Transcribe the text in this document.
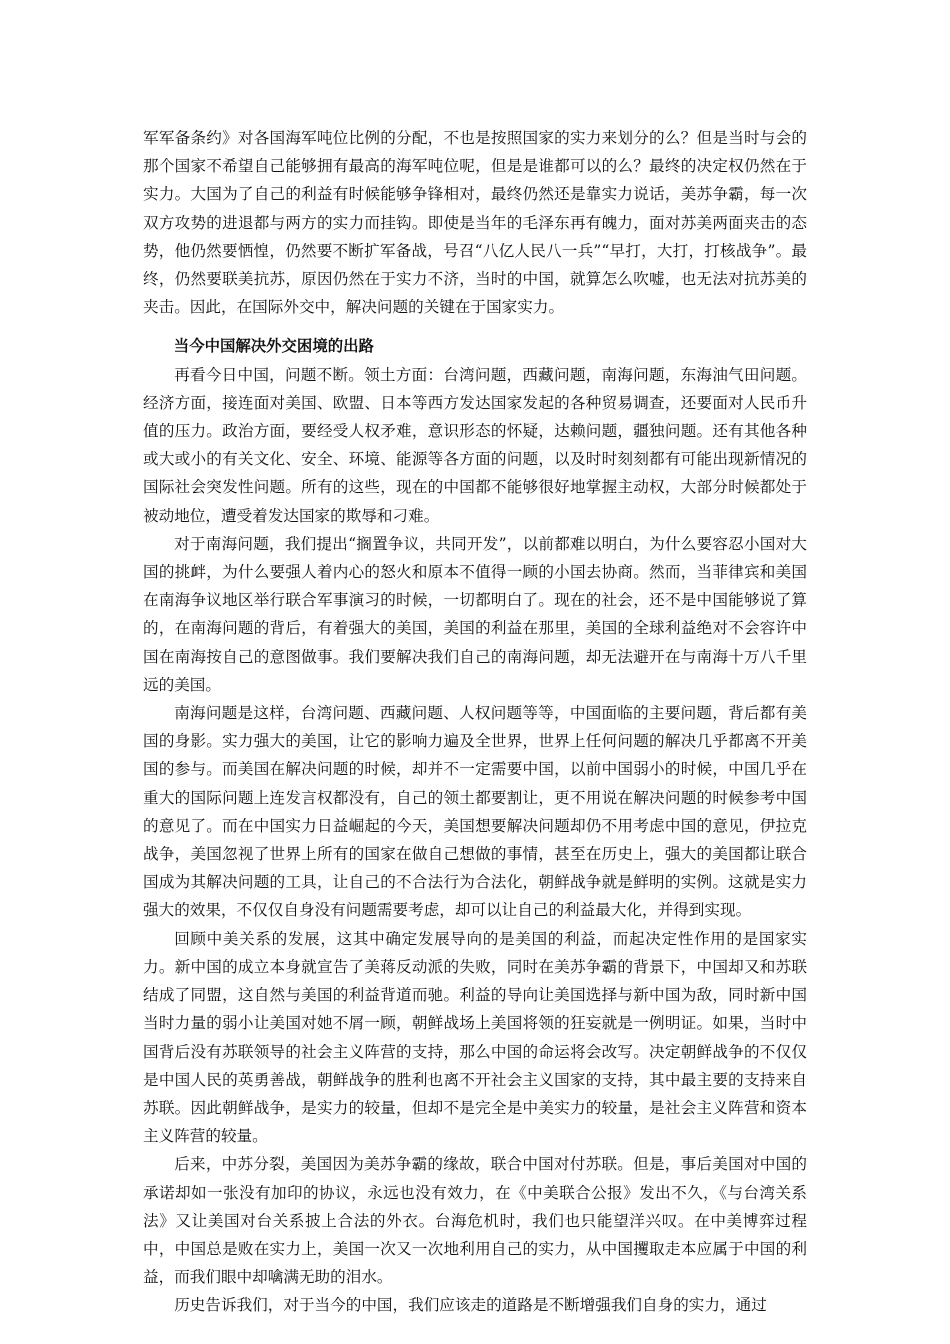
军军备条约》对各国海军吨位比例的分配，不也是按照国家的实力来划分的么？但是当时与会的那个国家不希望自己能够拥有最高的海军吨位呢，但是是谁都可以的么？最终的决定权仍然在于实力。大国为了自己的利益有时候能够争锋相对，最终仍然还是靠实力说话，美苏争霸，每一次双方攻势的进退都与两方的实力而挂钩。即使是当年的毛泽东再有魄力，面对苏美两面夹击的态势，他仍然要恓惶，仍然要不断扩军备战，号召“八亿人民八一兵”“早打，大打，打核战争”。最终，仍然要联美抗苏，原因仍然在于实力不济，当时的中国，就算怎么吹嘘，也无法对抗苏美的夹击。因此，在国际外交中，解决问题的关键在于国家实力。

当今中国解决外交困境的出路

再看今日中国，问题不断。领土方面：台湾问题，西藏问题，南海问题，东海油气田问题。经济方面，接连面对美国、欧盟、日本等西方发达国家发起的各种贸易调查，还要面对人民币升值的压力。政治方面，要经受人权矛难，意识形态的怀疑，达赖问题，疆独问题。还有其他各种或大或小的有关文化、安全、环境、能源等各方面的问题，以及时时刻刻都有可能出现新情况的国际社会突发性问题。所有的这些，现在的中国都不能够很好地掌握主动权，大部分时候都处于被动地位，遭受着发达国家的欺辱和刁难。

对于南海问题，我们提出“搁置争议，共同开发”，以前都难以明白，为什么要容忍小国对大国的挑衅，为什么要强人着内心的怒火和原本不值得一顾的小国去协商。然而，当菲律宾和美国在南海争议地区举行联合军事演习的时候，一切都明白了。现在的社会，还不是中国能够说了算的，在南海问题的背后，有着强大的美国，美国的利益在那里，美国的全球利益绝对不会容许中国在南海按自己的意图做事。我们要解决我们自己的南海问题，却无法避开在与南海十万八千里远的美国。

南海问题是这样，台湾问题、西藏问题、人权问题等等，中国面临的主要问题，背后都有美国的身影。实力强大的美国，让它的影响力遍及全世界，世界上任何问题的解决几乎都离不开美国的参与。而美国在解决问题的时候，却并不一定需要中国，以前中国弱小的时候，中国几乎在重大的国际问题上连发言权都没有，自己的领土都要割让，更不用说在解决问题的时候参考中国的意见了。而在中国实力日益崛起的今天，美国想要解决问题却仍不用考虑中国的意见，伊拉克战争，美国忽视了世界上所有的国家在做自己想做的事情，甚至在历史上，强大的美国都让联合国成为其解决问题的工具，让自己的不合法行为合法化，朝鲜战争就是鲜明的实例。这就是实力强大的效果，不仅仅自身没有问题需要考虑，却可以让自己的利益最大化，并得到实现。

回顾中美关系的发展，这其中确定发展导向的是美国的利益，而起决定性作用的是国家实力。新中国的成立本身就宣告了美蒋反动派的失败，同时在美苏争霸的背景下，中国却又和苏联结成了同盟，这自然与美国的利益背道而驰。利益的导向让美国选择与新中国为敌，同时新中国当时力量的弱小让美国对她不屑一顾，朝鲜战场上美国将领的狂妄就是一例明证。如果，当时中国背后没有苏联领导的社会主义阵营的支持，那么中国的命运将会改写。决定朝鲜战争的不仅仅是中国人民的英勇善战，朝鲜战争的胜利也离不开社会主义国家的支持，其中最主要的支持来自苏联。因此朝鲜战争，是实力的较量，但却不是完全是中美实力的较量，是社会主义阵营和资本主义阵营的较量。

后来，中苏分裂，美国因为美苏争霸的缘故，联合中国对付苏联。但是，事后美国对中国的承诺却如一张没有加印的协议，永远也没有效力，在《中美联合公报》发出不久，《与台湾关系法》又让美国对台关系披上合法的外衣。台海危机时，我们也只能望洋兴叹。在中美博弈过程中，中国总是败在实力上，美国一次又一次地利用自己的实力，从中国攫取走本应属于中国的利益，而我们眼中却噙满无助的泪水。

历史告诉我们，对于当今的中国，我们应该走的道路是不断增强我们自身的实力，通过
